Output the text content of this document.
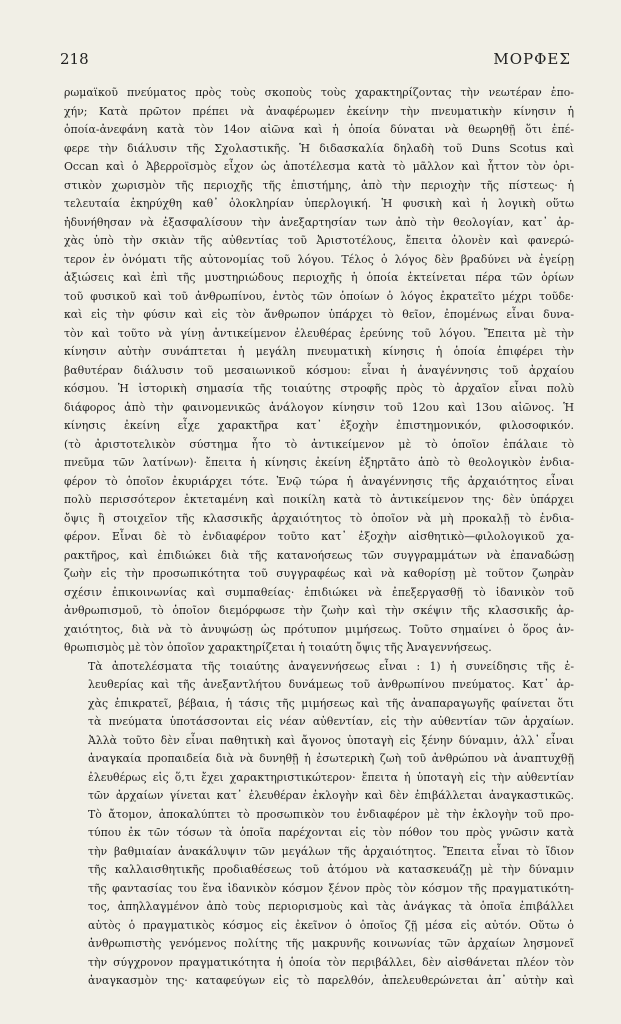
218	ΜΟΡΦΕΣ

ρωμαϊκοῦ πνεύματος πρὸς τοὺς σκοποὺς τοὺς χαρακτηρίζοντας τὴν νεωτέραν ἐπο-
χήν; Κατὰ πρῶτον πρέπει νὰ ἀναφέρωμεν ἐκείνην τὴν πνευματικὴν κίνησιν ἡ
ὁποία-ἀνεφάνη κατὰ τὸν 14ον αἰῶνα καὶ ἡ ὁποία δύναται νὰ θεωρηθῇ ὅτι ἐπέ-
φερε τὴν διάλυσιν τῆς Σχολαστικῆς. Ἡ διδασκαλία δηλαδὴ τοῦ Duns Scotus καὶ
Occan καὶ ὁ Ἀβερροϊσμὸς εἶχον ὡς ἀποτέλεσμα κατὰ τὸ μᾶλλον καὶ ἧττον τὸν ὁρι-
στικὸν χωρισμὸν τῆς περιοχῆς τῆς ἐπιστήμης, ἀπὸ τὴν περιοχὴν τῆς πίστεως· ἡ
τελευταία ἐκηρύχθη καθ᾽ ὁλοκληρίαν ὑπερλογική. Ἡ φυσικὴ καὶ ἡ λογικὴ οὕτω
ἠδυνήθησαν νὰ ἐξασφαλίσουν τὴν ἀνεξαρτησίαν των ἀπὸ τὴν θεολογίαν, κατ᾽ ἀρ-
χὰς ὑπὸ τὴν σκιὰν τῆς αὐθεντίας τοῦ Ἀριστοτέλους, ἔπειτα ὀλονὲν καὶ φανερώ-
τερον ἐν ὀνόματι τῆς αὐτονομίας τοῦ λόγου. Τέλος ὁ λόγος δὲν βραδύνει νὰ ἐγείρῃ
ἀξιώσεις καὶ ἐπὶ τῆς μυστηριώδους περιοχῆς ἡ ὁποία ἐκτείνεται πέρα τῶν ὁρίων
τοῦ φυσικοῦ καὶ τοῦ ἀνθρωπίνου, ἐντὸς τῶν ὁποίων ὁ λόγος ἐκρατεῖτο μέχρι τοῦδε·
καὶ εἰς τὴν φύσιν καὶ εἰς τὸν ἄνθρωπον ὑπάρχει τὸ θεῖον, ἐπομένως εἶναι δυνα-
τὸν καὶ τοῦτο νὰ γίνῃ ἀντικείμενον ἐλευθέρας ἐρεύνης τοῦ λόγου. Ἔπειτα μὲ τὴν
κίνησιν αὐτὴν συνάπτεται ἡ μεγάλη πνευματικὴ κίνησις ἡ ὁποία ἐπιφέρει τὴν
βαθυτέραν διάλυσιν τοῦ μεσαιωνικοῦ κόσμου: εἶναι ἡ ἀναγέννησις τοῦ ἀρχαίου
κόσμου. Ἡ ἱστορικὴ σημασία τῆς τοιαύτης στροφῆς πρὸς τὸ ἀρχαῖον εἶναι πολὺ
διάφορος ἀπὸ τὴν φαινομενικῶς ἀνάλογον κίνησιν τοῦ 12ου καὶ 13ου αἰῶνος. Ἡ
κίνησις ἐκείνη εἶχε χαρακτῆρα κατ᾽ ἐξοχὴν ἐπιστημονικόν, φιλοσοφικόν.
(τὸ ἀριστοτελικὸν σύστημα ἦτο τὸ ἀντικείμενον μὲ τὸ ὁποῖον ἐπάλαιε τὸ
πνεῦμα τῶν λατίνων)· ἔπειτα ἡ κίνησις ἐκείνη ἐξηρτᾶτο ἀπὸ τὸ θεολογικὸν ἐνδια-
φέρον τὸ ὁποῖον ἐκυριάρχει τότε. Ἐνῷ τώρα ἡ ἀναγέννησις τῆς ἀρχαιότητος εἶναι
πολὺ περισσότερον ἐκτεταμένη καὶ ποικίλη κατὰ τὸ ἀντικείμενον της· δὲν ὑπάρχει
ὄψις ἢ στοιχεῖον τῆς κλασσικῆς ἀρχαιότητος τὸ ὁποῖον νὰ μὴ προκαλῇ τὸ ἐνδια-
φέρον. Εἶναι δὲ τὸ ἐνδιαφέρον τοῦτο κατ᾽ ἐξοχὴν αἰσθητικὸ—φιλολογικοῦ χα-
ρακτῆρος, καὶ ἐπιδιώκει διὰ τῆς κατανοήσεως τῶν συγγραμμάτων νὰ ἐπαναδώσῃ
ζωὴν εἰς τὴν προσωπικότητα τοῦ συγγραφέως καὶ νὰ καθορίσῃ μὲ τοῦτον ζωηρὰν
σχέσιν ἐπικοινωνίας καὶ συμπαθείας· ἐπιδιώκει νὰ ἐπεξεργασθῇ τὸ ἰδανικὸν τοῦ
ἀνθρωπισμοῦ, τὸ ὁποῖον διεμόρφωσε τὴν ζωὴν καὶ τὴν σκέψιν τῆς κλασσικῆς ἀρ-
χαιότητος, διὰ νὰ τὸ ἀνυψώσῃ ὡς πρότυπον μιμήσεως. Τοῦτο σημαίνει ὁ ὅρος ἀν-
θρωπισμὸς μὲ τὸν ὁποῖον χαρακτηρίζεται ἡ τοιαύτη ὄψις τῆς Ἀναγεννήσεως.

Τὰ ἀποτελέσματα τῆς τοιαύτης ἀναγεννήσεως εἶναι : 1) ἡ συνείδησις τῆς ἐ-
λευθερίας καὶ τῆς ἀνεξαντλήτου δυνάμεως τοῦ ἀνθρωπίνου πνεύματος. Κατ᾽ ἀρ-
χὰς ἐπικρατεῖ, βέβαια, ἡ τάσις τῆς μιμήσεως καὶ τῆς ἀναπαραγωγῆς φαίνεται ὅτι
τὰ πνεύματα ὑποτάσσονται εἰς νέαν αὐθεντίαν, εἰς τὴν αὐθεντίαν τῶν ἀρχαίων.
Ἀλλὰ τοῦτο δὲν εἶναι παθητικὴ καὶ ἄγονος ὑποταγὴ εἰς ξένην δύναμιν, ἀλλ᾽ εἶναι
ἀναγκαία προπαιδεία διὰ νὰ δυνηθῇ ἡ ἐσωτερικὴ ζωὴ τοῦ ἀνθρώπου νὰ ἀναπτυχθῇ
ἐλευθέρως εἰς ὅ,τι ἔχει χαρακτηριστικώτερον· ἔπειτα ἡ ὑποταγὴ εἰς τὴν αὐθεντίαν
τῶν ἀρχαίων γίνεται κατ᾽ ἐλευθέραν ἐκλογὴν καὶ δὲν ἐπιβάλλεται ἀναγκαστικῶς.
Τὸ ἄτομον, ἀποκαλύπτει τὸ προσωπικὸν του ἐνδιαφέρον μὲ τὴν ἐκλογὴν τοῦ προ-
τύπου ἐκ τῶν τόσων τὰ ὁποῖα παρέχονται εἰς τὸν πόθον του πρὸς γνῶσιν κατὰ
τὴν βαθμιαίαν ἀνακάλυψιν τῶν μεγάλων τῆς ἀρχαιότητος. Ἔπειτα εἶναι τὸ ἴδιον
τῆς καλλαισθητικῆς προδιαθέσεως τοῦ ἀτόμου νὰ κατασκευάζῃ μὲ τὴν δύναμιν
τῆς φαντασίας του ἕνα ἰδανικὸν κόσμον ξένον πρὸς τὸν κόσμον τῆς πραγματικότη-
τος, ἀπηλλαγμένον ἀπὸ τοὺς περιορισμοὺς καὶ τὰς ἀνάγκας τὰ ὁποῖα ἐπιβάλλει
αὐτὸς ὁ πραγματικὸς κόσμος εἰς ἐκεῖνον ὁ ὁποῖος ζῇ μέσα εἰς αὐτόν. Οὕτω ὁ
ἀνθρωπιστὴς γενόμενος πολίτης τῆς μακρυνῆς κοινωνίας τῶν ἀρχαίων λησμονεῖ
τὴν σύγχρονον πραγματικότητα ἡ ὁποία τὸν περιβάλλει, δὲν αἰσθάνεται πλέον τὸν
ἀναγκασμὸν της· καταφεύγων εἰς τὸ παρελθόν, ἀπελευθερώνεται ἀπ᾽ αὐτὴν καὶ
